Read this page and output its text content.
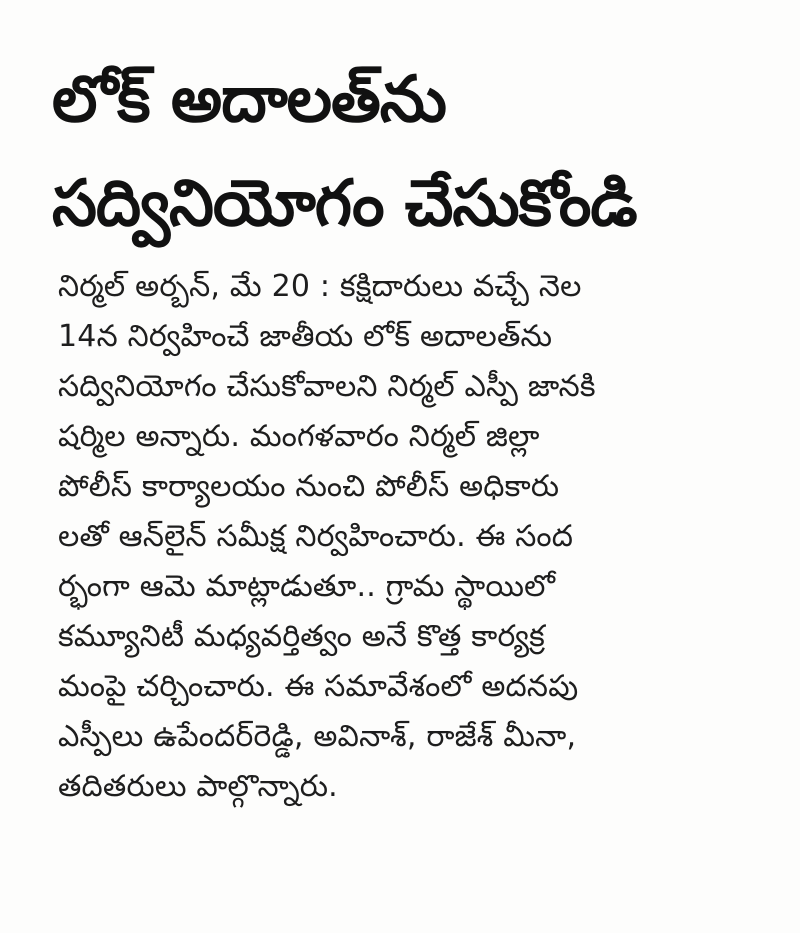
లోక్ అదాలత్‌ను
సద్వినియోగం చేసుకోండి
నిర్మల్ అర్బన్, మే 20 : కక్షిదారులు వచ్చే నెల
14న నిర్వహించే జాతీయ లోక్ అదాలత్‌ను
సద్వినియోగం చేసుకోవాలని నిర్మల్ ఎస్పీ జానకి
షర్మిల అన్నారు. మంగళవారం నిర్మల్ జిల్లా
పోలీస్ కార్యాలయం నుంచి పోలీస్ అధికారు
లతో ఆన్‌లైన్ సమీక్ష నిర్వహించారు. ఈ సంద
ర్భంగా ఆమె మాట్లాడుతూ.. గ్రామ స్థాయిలో
కమ్యూనిటీ మధ్యవర్తిత్వం అనే కొత్త కార్యక్ర
మంపై చర్చించారు. ఈ సమావేశంలో అదనపు
ఎస్పీలు ఉపేందర్‌రెడ్డి, అవినాశ్, రాజేశ్ మీనా,
తదితరులు పాల్గొన్నారు.
